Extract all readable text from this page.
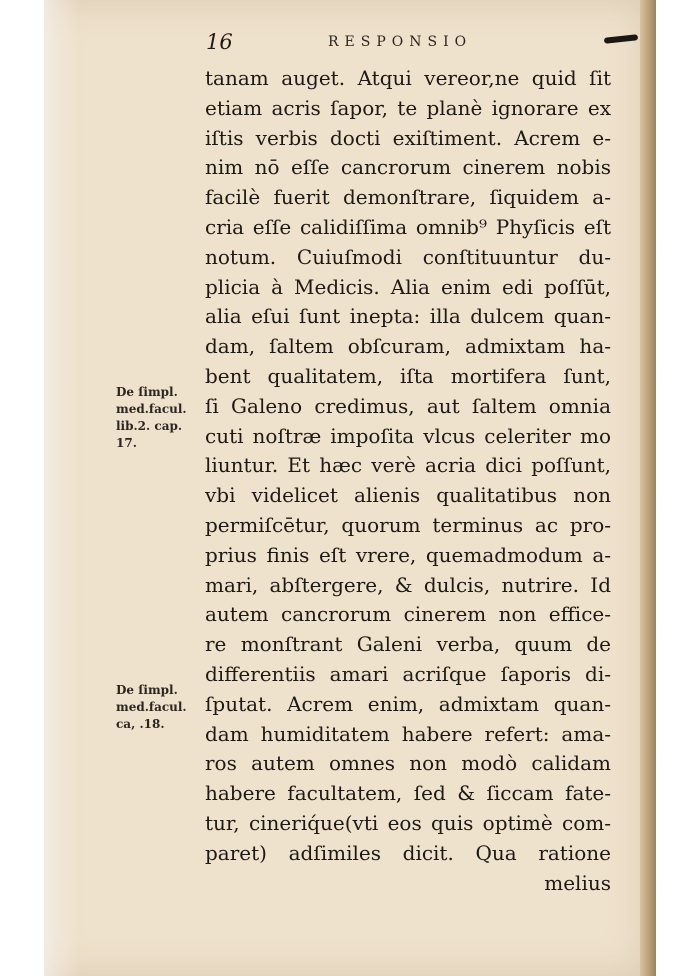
16	RESPONSIO
tanam auget. Atqui vereor,ne quid ſit
etiam acris ſapor, te planè ignorare ex
iſtis verbis docti exiſtiment. Acrem e-
nim nō eſſe cancrorum cinerem nobis
facilè fuerit demonſtrare, ſiquidem a-
cria eſſe calidiſſima omnib⁹ Phyſicis eſt
notum. Cuiuſmodi conſtituuntur du-
plicia à Medicis. Alia enim edi poſſūt,
alia eſui ſunt inepta: illa dulcem quan-
dam, ſaltem obſcuram, admixtam ha-
bent qualitatem, iſta mortifera ſunt,
ſi Galeno credimus, aut ſaltem omnia
cuti noſtræ impoſita vlcus celeriter mo
liuntur. Et hæc verè acria dici poſſunt,
vbi videlicet alienis qualitatibus non
permiſcētur, quorum terminus ac pro-
prius finis eſt vrere, quemadmodum a-
mari, abſtergere, & dulcis, nutrire. Id
autem cancrorum cinerem non effice-
re monſtrant Galeni verba, quum de
differentiis amari acriſque ſaporis di-
ſputat. Acrem enim, admixtam quan-
dam humiditatem habere refert: ama-
ros autem omnes non modò calidam
habere facultatem, ſed & ſiccam fate-
tur, cineriq́ue(vti eos quis optimè com-
paret) adſimiles dicit. Qua ratione
melius
De ſimpl.
med.facul.
lib.2. cap.
17.
De ſimpl.
med.facul.
ca, .18.
